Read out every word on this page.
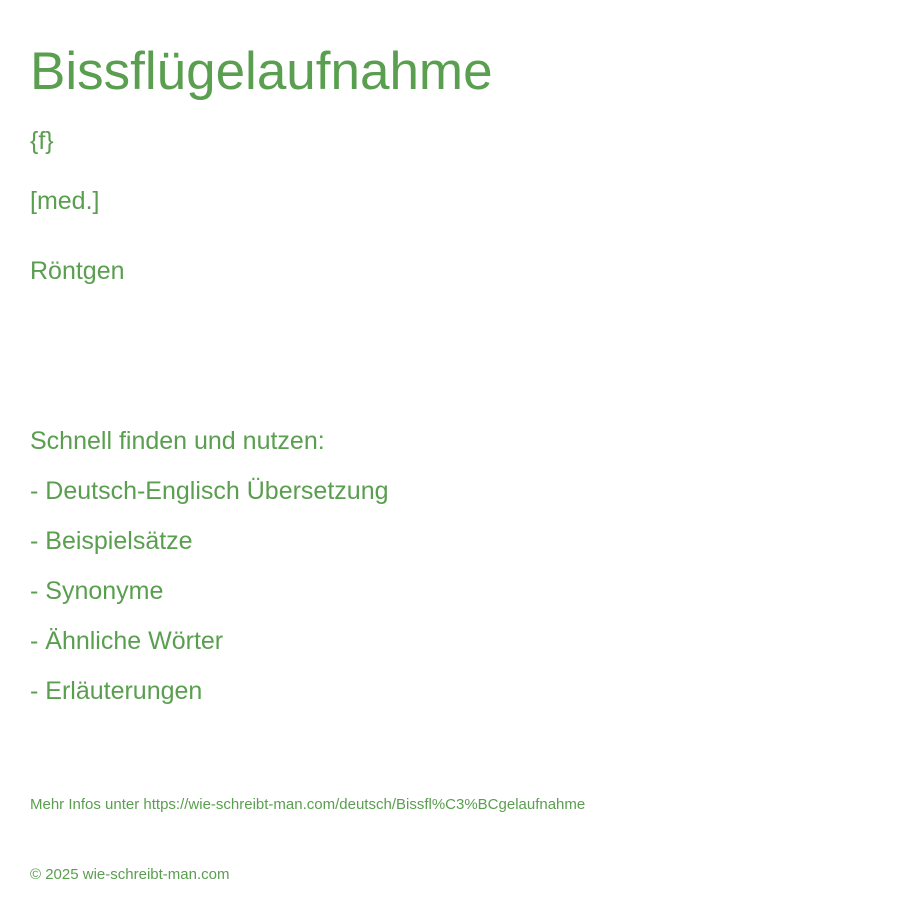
Bissflügelaufnahme
{f}
[med.]
Röntgen
Schnell finden und nutzen:
- Deutsch-Englisch Übersetzung
- Beispielsätze
- Synonyme
- Ähnliche Wörter
- Erläuterungen
Mehr Infos unter https://wie-schreibt-man.com/deutsch/Bissfl%C3%BCgelaufnahme
© 2025 wie-schreibt-man.com
